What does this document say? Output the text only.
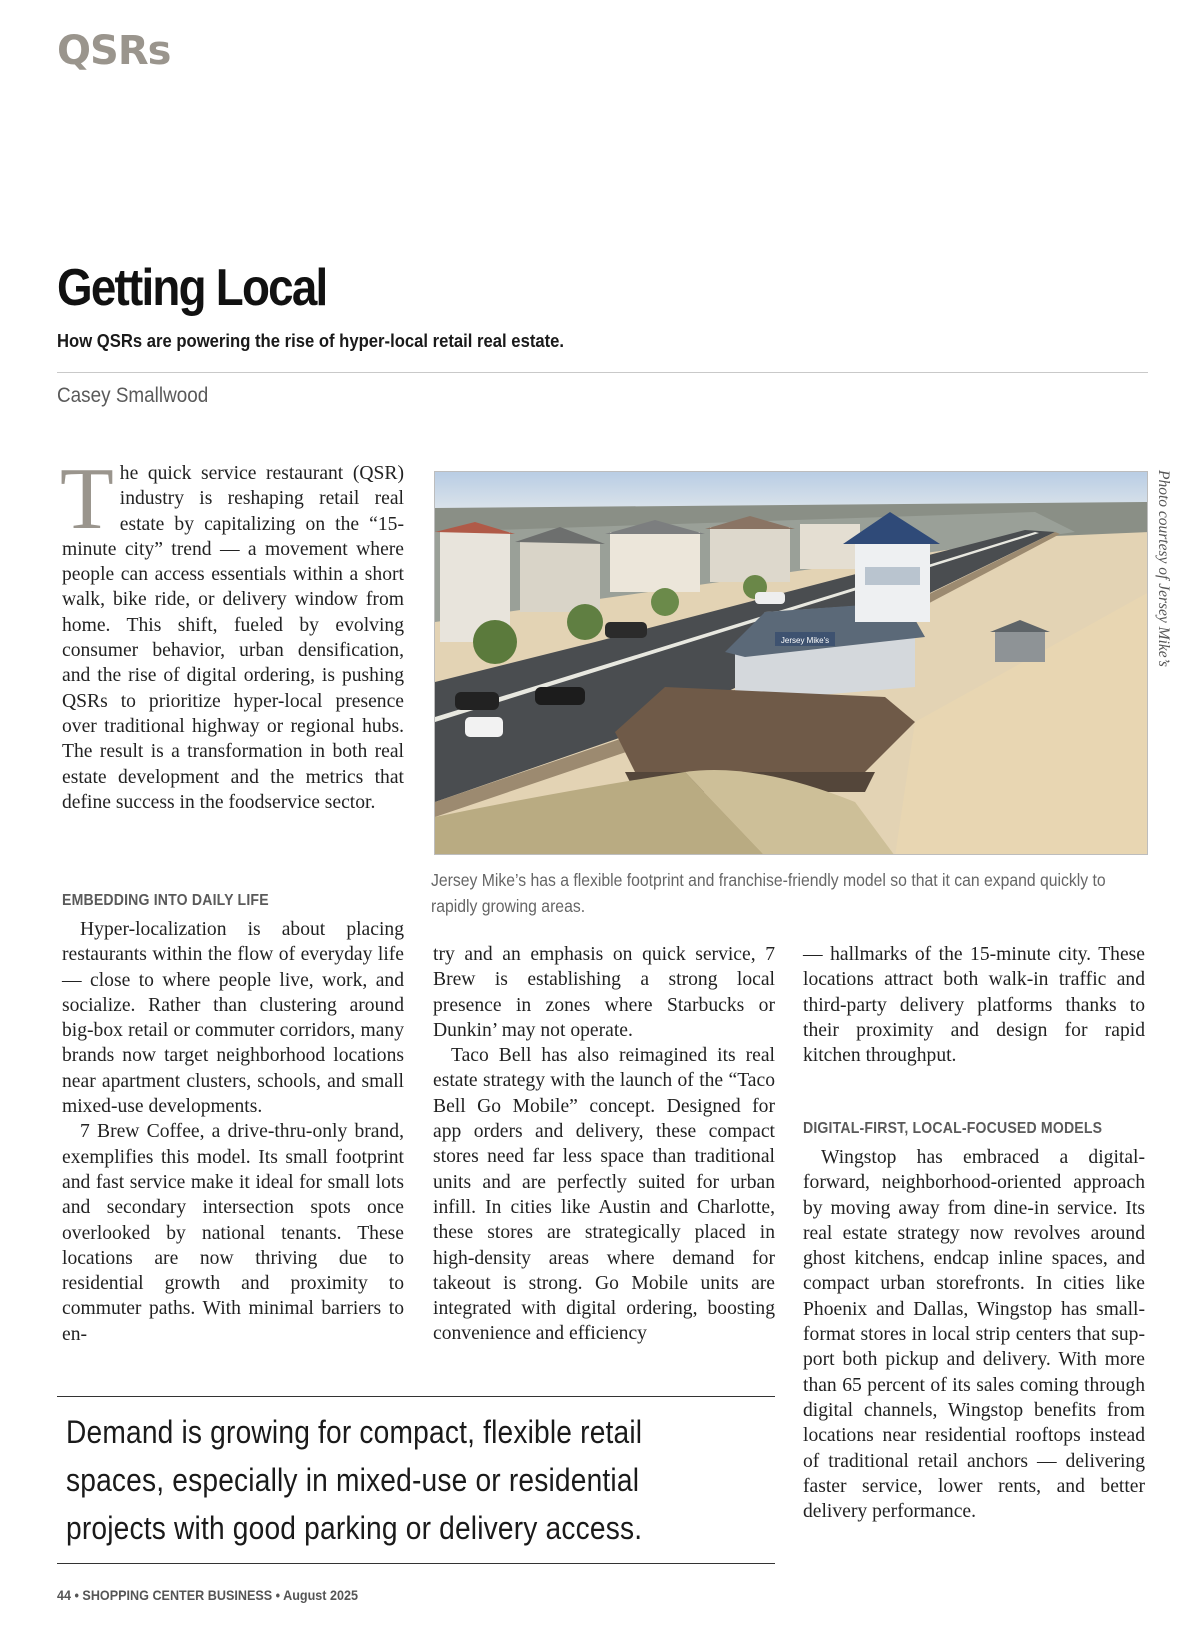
QSRs
Getting Local
How QSRs are powering the rise of hyper-local retail real estate.
Casey Smallwood

The quick service restaurant (QSR) industry is reshaping retail real estate by capitalizing on the “15-minute city” trend — a movement where people can access essentials within a short walk, bike ride, or delivery window from home. This shift, fueled by evolving consumer behavior, urban densification, and the rise of digital ordering, is pushing QSRs to prioritize hyper-local presence over traditional highway or regional hubs. The result is a transformation in both real estate development and the metrics that define success in the foodservice sector.

EMBEDDING INTO DAILY LIFE

Hyper-localization is about placing restaurants within the flow of everyday life — close to where people live, work, and socialize. Rather than clustering around big-box retail or commuter corridors, many brands now target neighborhood locations near apartment clusters, schools, and small mixed-use developments.

7 Brew Coffee, a drive-thru-only brand, exemplifies this model. Its small footprint and fast service make it ideal for small lots and secondary intersection spots once overlooked by national tenants. These locations are now thriving due to residential growth and proximity to commuter paths. With minimal barriers to en-

Jersey Mike's	Photo courtesy of Jersey Mike’s
Jersey Mike’s has a flexible footprint and franchise-friendly model so that it can expand quickly to
rapidly growing areas.

try and an emphasis on quick service, 7 Brew is establishing a strong local presence in zones where Starbucks or Dunkin’ may not operate.

Taco Bell has also reimagined its real estate strategy with the launch of the “Taco Bell Go Mobile” concept. Designed for app orders and delivery, these compact stores need far less space than traditional units and are perfectly suited for urban infill. In cities like Austin and Charlotte, these stores are strategically placed in high-density areas where demand for takeout is strong. Go Mobile units are integrated with digital ordering, boosting convenience and efficiency

— hallmarks of the 15-minute city. These locations attract both walk-in traffic and third-party delivery platforms thanks to their proximity and design for rapid kitchen throughput.

DIGITAL-FIRST, LOCAL-FOCUSED MODELS

Wingstop has embraced a digital-forward, neighborhood-oriented approach by moving away from dine-in service. Its real estate strategy now revolves around ghost kitchens, endcap inline spaces, and compact urban storefronts. In cities like Phoenix and Dallas, Wingstop has small-format stores in local strip centers that support both pickup and delivery. With more than 65 percent of its sales coming through digital channels, Wingstop benefits from locations near residential rooftops instead of traditional retail anchors — delivering faster service, lower rents, and better delivery performance.

Demand is growing for compact, flexible retail
spaces, especially in mixed-use or residential
projects with good parking or delivery access.
44 • SHOPPING CENTER BUSINESS • August 2025
